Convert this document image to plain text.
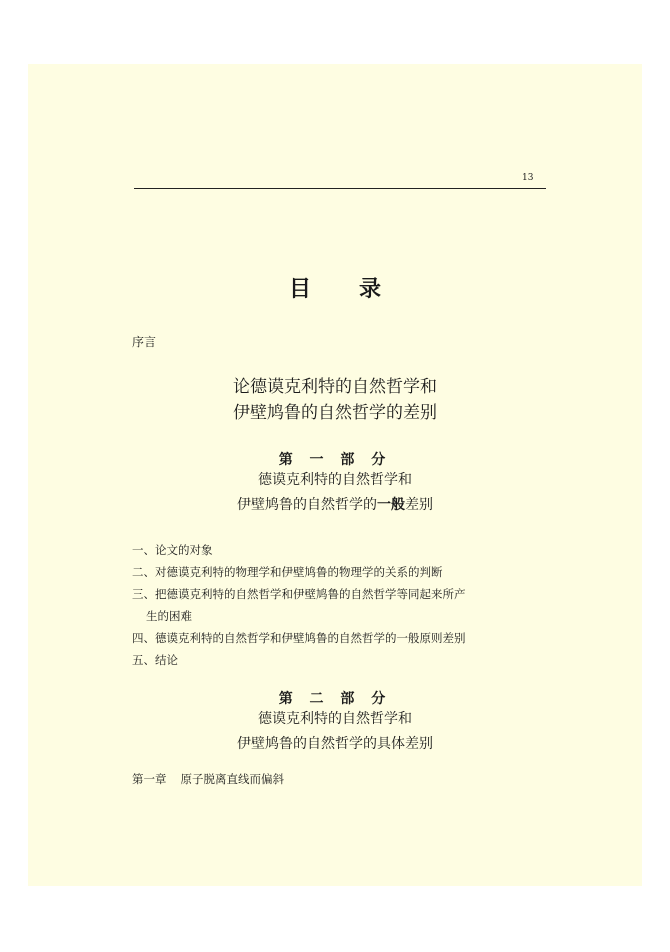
13
目 录
序言
论德谟克利特的自然哲学和
伊壁鸠鲁的自然哲学的差别
第 一 部 分
德谟克利特的自然哲学和
伊壁鸠鲁的自然哲学的一般差别

一、论文的对象

二、对德谟克利特的物理学和伊壁鸠鲁的物理学的关系的判断

三、把德谟克利特的自然哲学和伊壁鸠鲁的自然哲学等同起来所产

生的困难

四、德谟克利特的自然哲学和伊壁鸠鲁的自然哲学的一般原则差别

五、结论

第 二 部 分
德谟克利特的自然哲学和
伊壁鸠鲁的自然哲学的具体差别
第一章 原子脱离直线而偏斜
